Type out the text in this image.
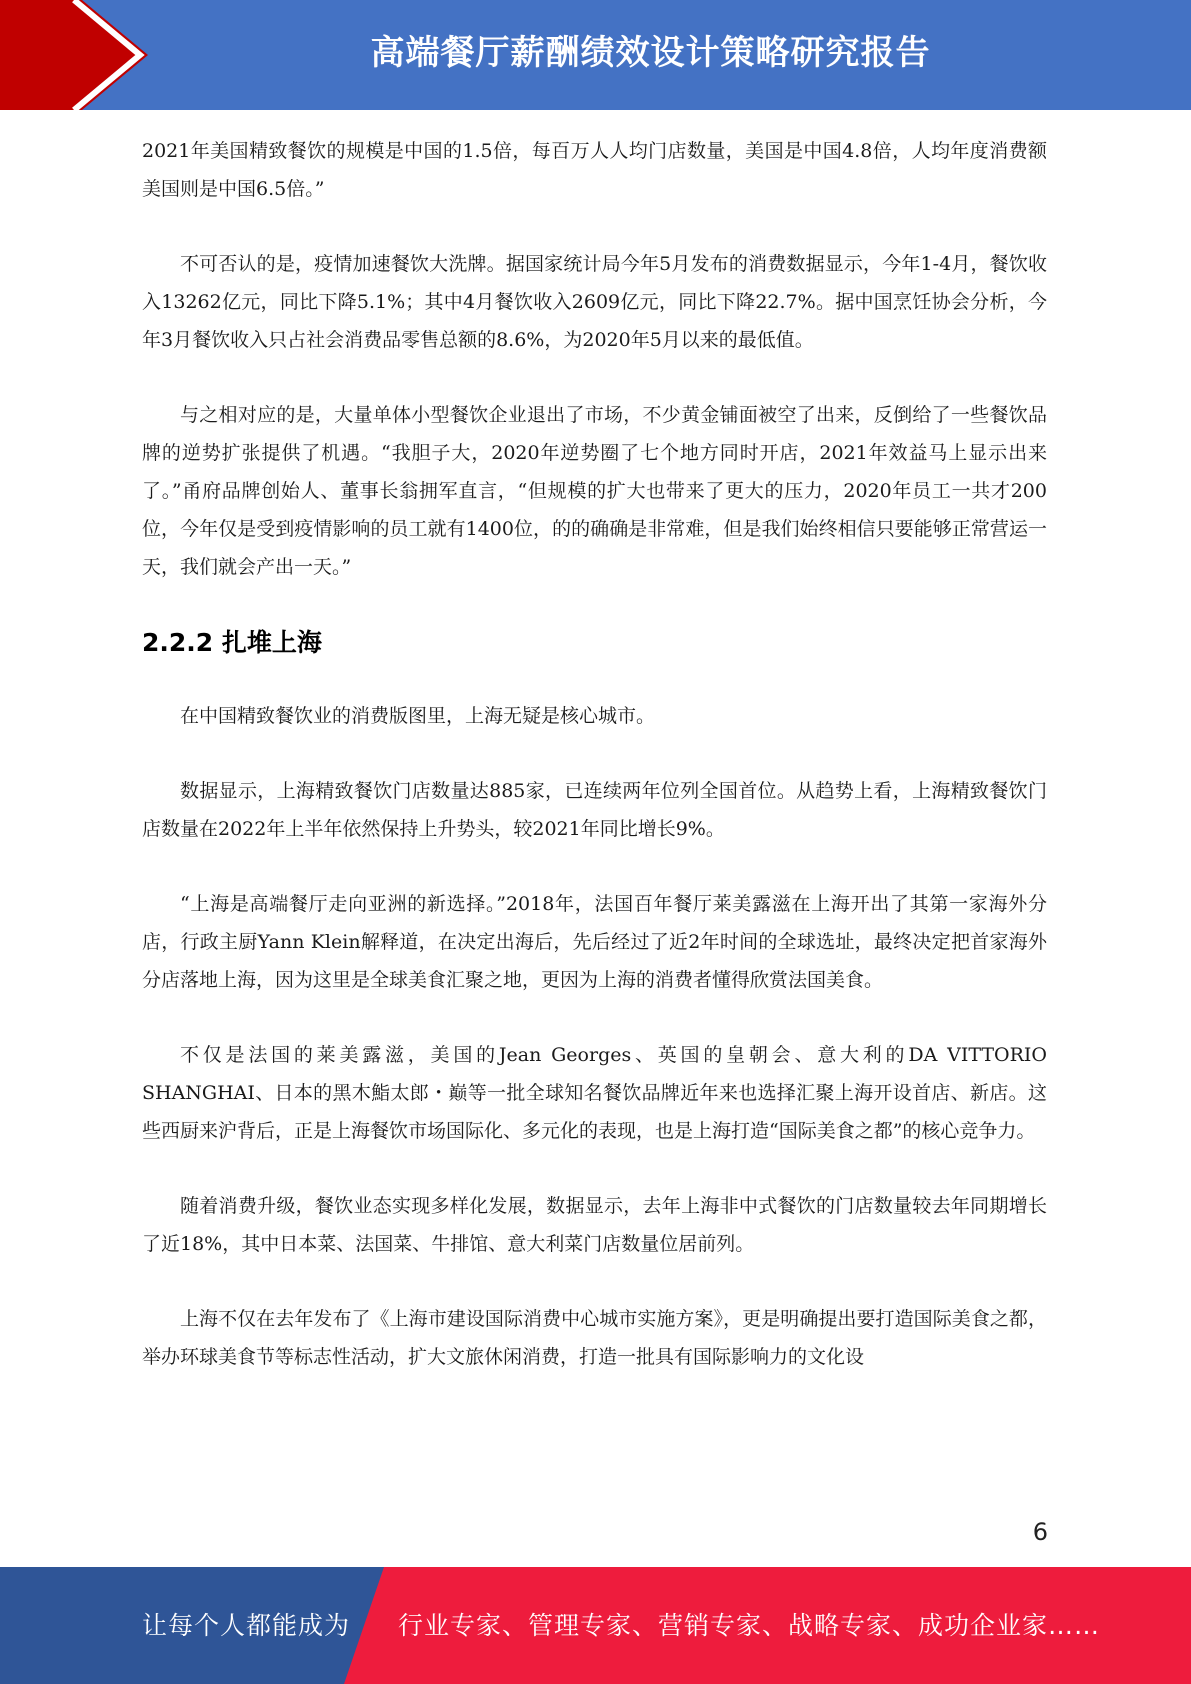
高端餐厅薪酬绩效设计策略研究报告

2021年美国精致餐饮的规模是中国的1.5倍，每百万人人均门店数量，美国是中国4.8倍，人均年度消费额美国则是中国6.5倍。”

不可否认的是，疫情加速餐饮大洗牌。据国家统计局今年5月发布的消费数据显示，今年1-4月，餐饮收入13262亿元，同比下降5.1%；其中4月餐饮收入2609亿元，同比下降22.7%。据中国烹饪协会分析，今年3月餐饮收入只占社会消费品零售总额的8.6%，为2020年5月以来的最低值。

与之相对应的是，大量单体小型餐饮企业退出了市场，不少黄金铺面被空了出来，反倒给了一些餐饮品牌的逆势扩张提供了机遇。“我胆子大，2020年逆势圈了七个地方同时开店，2021年效益马上显示出来了。”甬府品牌创始人、董事长翁拥军直言，“但规模的扩大也带来了更大的压力，2020年员工一共才200位，今年仅是受到疫情影响的员工就有1400位，的的确确是非常难，但是我们始终相信只要能够正常营运一天，我们就会产出一天。”

2.2.2 扎堆上海

在中国精致餐饮业的消费版图里，上海无疑是核心城市。

数据显示，上海精致餐饮门店数量达885家，已连续两年位列全国首位。从趋势上看，上海精致餐饮门店数量在2022年上半年依然保持上升势头，较2021年同比增长9%。

“上海是高端餐厅走向亚洲的新选择。”2018年，法国百年餐厅莱美露滋在上海开出了其第一家海外分店，行政主厨Yann Klein解释道，在决定出海后，先后经过了近2年时间的全球选址，最终决定把首家海外分店落地上海，因为这里是全球美食汇聚之地，更因为上海的消费者懂得欣赏法国美食。

不仅是法国的莱美露滋，美国的Jean Georges、英国的皇朝会、意大利的DA VITTORIO SHANGHAI、日本的黑木鮨太郎・巅等一批全球知名餐饮品牌近年来也选择汇聚上海开设首店、新店。这些西厨来沪背后，正是上海餐饮市场国际化、多元化的表现，也是上海打造“国际美食之都”的核心竞争力。

随着消费升级，餐饮业态实现多样化发展，数据显示，去年上海非中式餐饮的门店数量较去年同期增长了近18%，其中日本菜、法国菜、牛排馆、意大利菜门店数量位居前列。

上海不仅在去年发布了《上海市建设国际消费中心城市实施方案》，更是明确提出要打造国际美食之都，举办环球美食节等标志性活动，扩大文旅休闲消费，打造一批具有国际影响力的文化设

6
让每个人都能成为 行业专家、管理专家、营销专家、战略专家、成功企业家……
